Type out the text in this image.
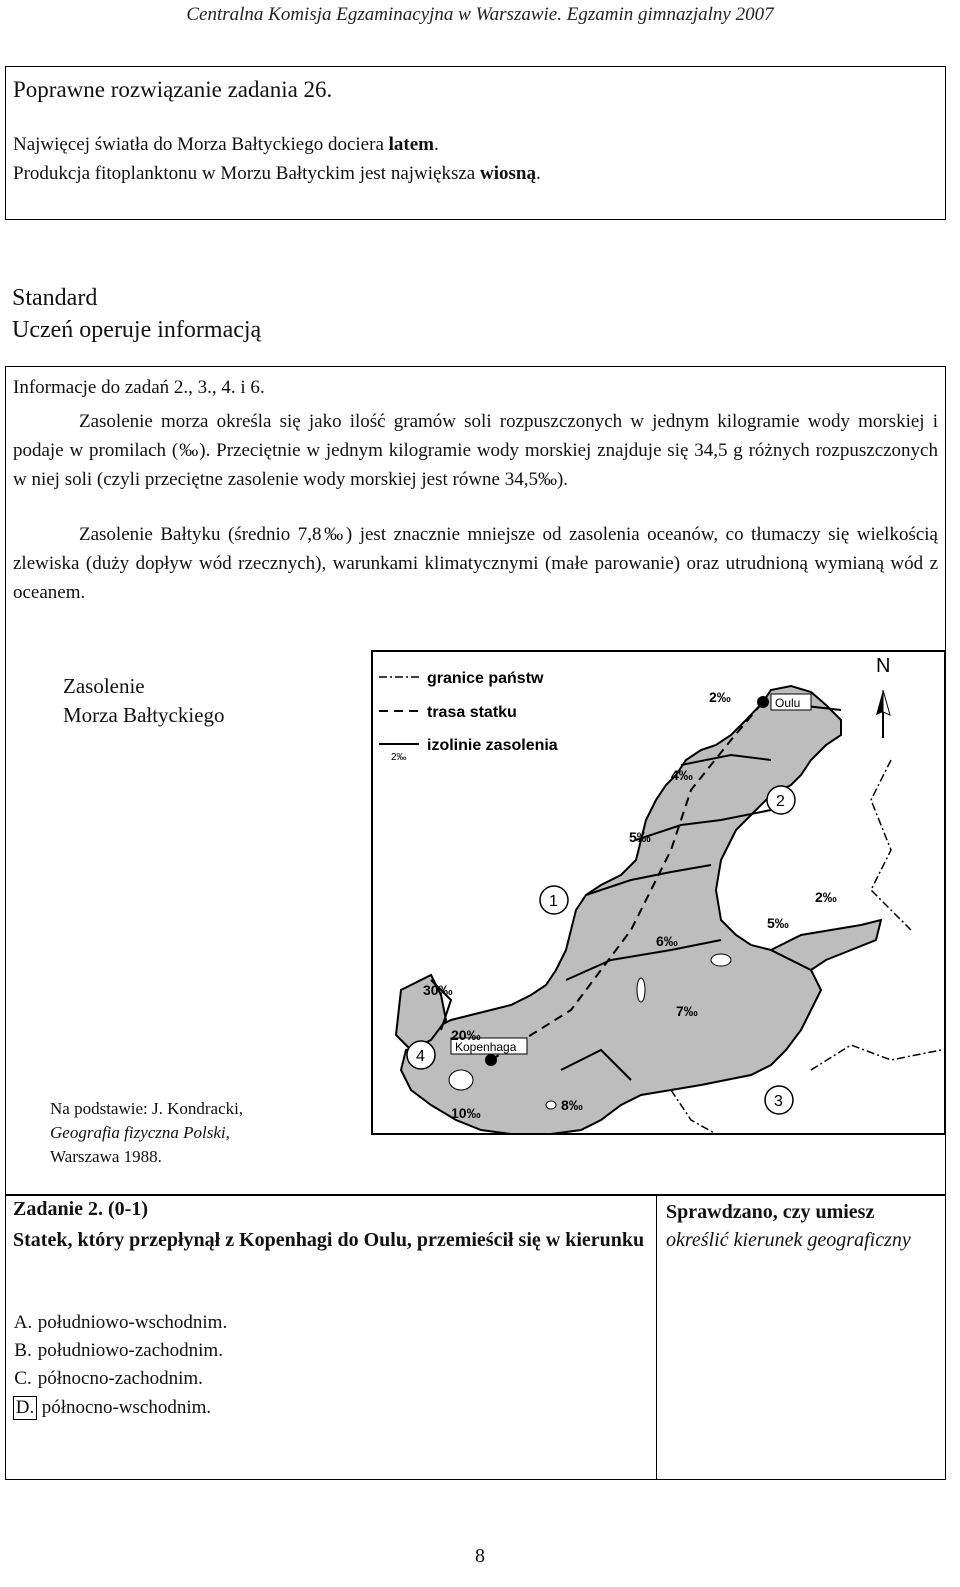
Centralna Komisja Egzaminacyjna w Warszawie. Egzamin gimnazjalny 2007
Poprawne rozwiązanie zadania 26.
Najwięcej światła do Morza Bałtyckiego dociera latem.
Produkcja fitoplanktonu w Morzu Bałtyckim jest największa wiosną.
Standard
Uczeń operuje informacją
Informacje do zadań 2., 3., 4. i 6.
Zasolenie morza określa się jako ilość gramów soli rozpuszczonych w jednym kilogramie wody morskiej i podaje w promilach (‰). Przeciętnie w jednym kilogramie wody morskiej znajduje się 34,5 g różnych rozpuszczonych w niej soli (czyli przeciętne zasolenie wody morskiej jest równe 34,5‰).
Zasolenie Bałtyku (średnio 7,8‰) jest znacznie mniejsze od zasolenia oceanów, co tłumaczy się wielkością zlewiska (duży dopływ wód rzecznych), warunkami klimatycznymi (małe parowanie) oraz utrudnioną wymianą wód z oceanem.
Zasolenie
Morza Bałtyckiego
granice państw
trasa statku
izolinie zasolenia
2‰
N
Oulu
Kopenhaga
2‰
4‰
5‰
2‰
5‰
6‰
7‰
30‰
20‰
10‰	8‰
1
2
3
4
Na podstawie: J. Kondracki,
Geografia fizyczna Polski,
Warszawa 1988.
Zadanie 2. (0-1)
Statek, który przepłynął z Kopenhagi do Oulu, przemieścił się w kierunku
Sprawdzano, czy umiesz
określić kierunek geograficzny
A. południowo-wschodnim.
B. południowo-zachodnim.
C. północno-zachodnim.
D. północno-wschodnim.
8
